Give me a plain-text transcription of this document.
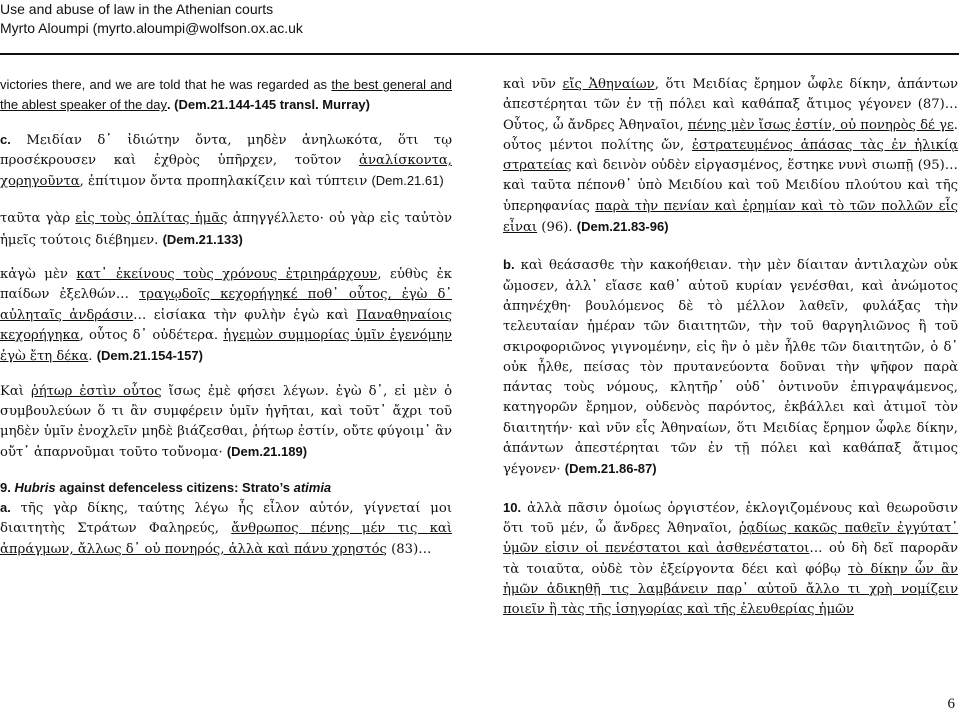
Use and abuse of law in the Athenian courts
Myrto Aloumpi (myrto.aloumpi@wolfson.ox.ac.uk

victories there, and we are told that he was regarded as the best general and the ablest speaker of the day. (Dem.21.144-145 transl. Murray)

c. Μειδίαν δ᾽ ἰδιώτην ὄντα, μηδὲν ἀνηλωκότα, ὅτι τῳ προσέκρουσεν καὶ ἐχθρὸς ὑπῆρχεν, τοῦτον ἀναλίσκοντα, χορηγοῦντα, ἐπίτιμον ὄντα προπηλακίζειν καὶ τύπτειν (Dem.21.61)

ταῦτα γὰρ εἰς τοὺς ὁπλίτας ἡμᾶς ἀπηγγέλλετο· οὐ γὰρ εἰς ταὐτὸν ἡμεῖς τούτοις διέβημεν. (Dem.21.133)

κἀγὼ μὲν κατ᾽ ἐκείνους τοὺς χρόνους ἐτριηράρχουν, εὐθὺς ἐκ παίδων ἐξελθών… τραγῳδοῖς κεχορήγηκέ ποθ᾽ οὗτος, ἐγὼ δ᾽ αὐληταῖς ἀνδράσιν… εἰσίακα τὴν φυλὴν ἐγὼ καὶ Παναθηναίοις κεχορήγηκα, οὗτος δ᾽ οὐδέτερα. ἡγεμὼν συμμορίας ὑμῖν ἐγενόμην ἐγὼ ἔτη δέκα. (Dem.21.154-157)

Καὶ ῥήτωρ ἐστὶν οὗτος ἴσως ἐμὲ φήσει λέγων. ἐγὼ δ᾽, εἰ μὲν ὁ συμβουλεύων ὅ τι ἂν συμφέρειν ὑμῖν ἡγῆται, καὶ τοῦτ᾽ ἄχρι τοῦ μηδὲν ὑμῖν ἐνοχλεῖν μηδὲ βιάζεσθαι, ῥήτωρ ἐστίν, οὔτε φύγοιμ᾽ ἂν οὔτ᾽ ἀπαρνοῦμαι τοῦτο τοὔνομα· (Dem.21.189)

9. Hubris against defenceless citizens: Strato’s atimia

a. τῆς γὰρ δίκης, ταύτης λέγω ἧς εἶλον αὐτόν, γίγνεταί μοι διαιτητὴς Στράτων Φαληρεύς, ἄνθρωπος πένης μέν τις καὶ ἀπράγμων, ἄλλως δ᾽ οὐ πονηρός, ἀλλὰ καὶ πάνυ χρηστός (83)…

καὶ νῦν εἴς Ἀθηναίων, ὅτι Μειδίας ἔρημον ὦφλε δίκην, ἁπάντων ἀπεστέρηται τῶν ἐν τῇ πόλει καὶ καθάπαξ ἄτιμος γέγονεν (87)… Οὗτος, ὦ ἄνδρες Ἀθηναῖοι, πένης μὲν ἴσως ἐστίν, οὐ πονηρὸς δέ γε. οὗτος μέντοι πολίτης ὤν, ἐστρατευμένος ἁπάσας τὰς ἐν ἡλικίᾳ στρατείας καὶ δεινὸν οὐδὲν εἰργασμένος, ἕστηκε νυνὶ σιωπῇ (95)… καὶ ταῦτα πέπονθ᾽ ὑπὸ Μειδίου καὶ τοῦ Μειδίου πλούτου καὶ τῆς ὑπερηφανίας παρὰ τὴν πενίαν καὶ ἐρημίαν καὶ τὸ τῶν πολλῶν εἷς εἶναι (96). (Dem.21.83-96)

b. καὶ θεάσασθε τὴν κακοήθειαν. τὴν μὲν δίαιταν ἀντιλαχὼν οὐκ ὤμοσεν, ἀλλ᾽ εἴασε καθ᾽ αὑτοῦ κυρίαν γενέσθαι, καὶ ἀνώμοτος ἀπηνέχθη· βουλόμενος δὲ τὸ μέλλον λαθεῖν, φυλάξας τὴν τελευταίαν ἡμέραν τῶν διαιτητῶν, τὴν τοῦ θαργηλιῶνος ἢ τοῦ σκιροφοριῶνος γιγνομένην, εἰς ἣν ὁ μὲν ἦλθε τῶν διαιτητῶν, ὁ δ᾽ οὐκ ἦλθε, πείσας τὸν πρυτανεύοντα δοῦναι τὴν ψῆφον παρὰ πάντας τοὺς νόμους, κλητῆρ᾽ οὐδ᾽ ὁντινοῦν ἐπιγραψάμενος, κατηγορῶν ἔρημον, οὐδενὸς παρόντος, ἐκβάλλει καὶ ἀτιμοῖ τὸν διαιτητήν· καὶ νῦν εἷς Ἀθηναίων, ὅτι Μειδίας ἔρημον ὦφλε δίκην, ἁπάντων ἀπεστέρηται τῶν ἐν τῇ πόλει καὶ καθάπαξ ἄτιμος γέγονεν· (Dem.21.86-87)

10. ἀλλὰ πᾶσιν ὁμοίως ὀργιστέον, ἐκλογιζομένους καὶ θεωροῦσιν ὅτι τοῦ μέν, ὦ ἄνδρες Ἀθηναῖοι, ῥᾳδίως κακῶς παθεῖν ἐγγύτατ᾽ ὑμῶν εἰσιν οἱ πενέστατοι καὶ ἀσθενέστατοι… οὐ δὴ δεῖ παρορᾶν τὰ τοιαῦτα, οὐδὲ τὸν ἐξείργοντα δέει καὶ φόβῳ τὸ δίκην ὧν ἂν ἡμῶν ἀδικηθῇ τις λαμβάνειν παρ᾽ αὑτοῦ ἄλλο τι χρὴ νομίζειν ποιεῖν ἢ τὰς τῆς ἰσηγορίας καὶ τῆς ἐλευθερίας ἡμῶν

6
